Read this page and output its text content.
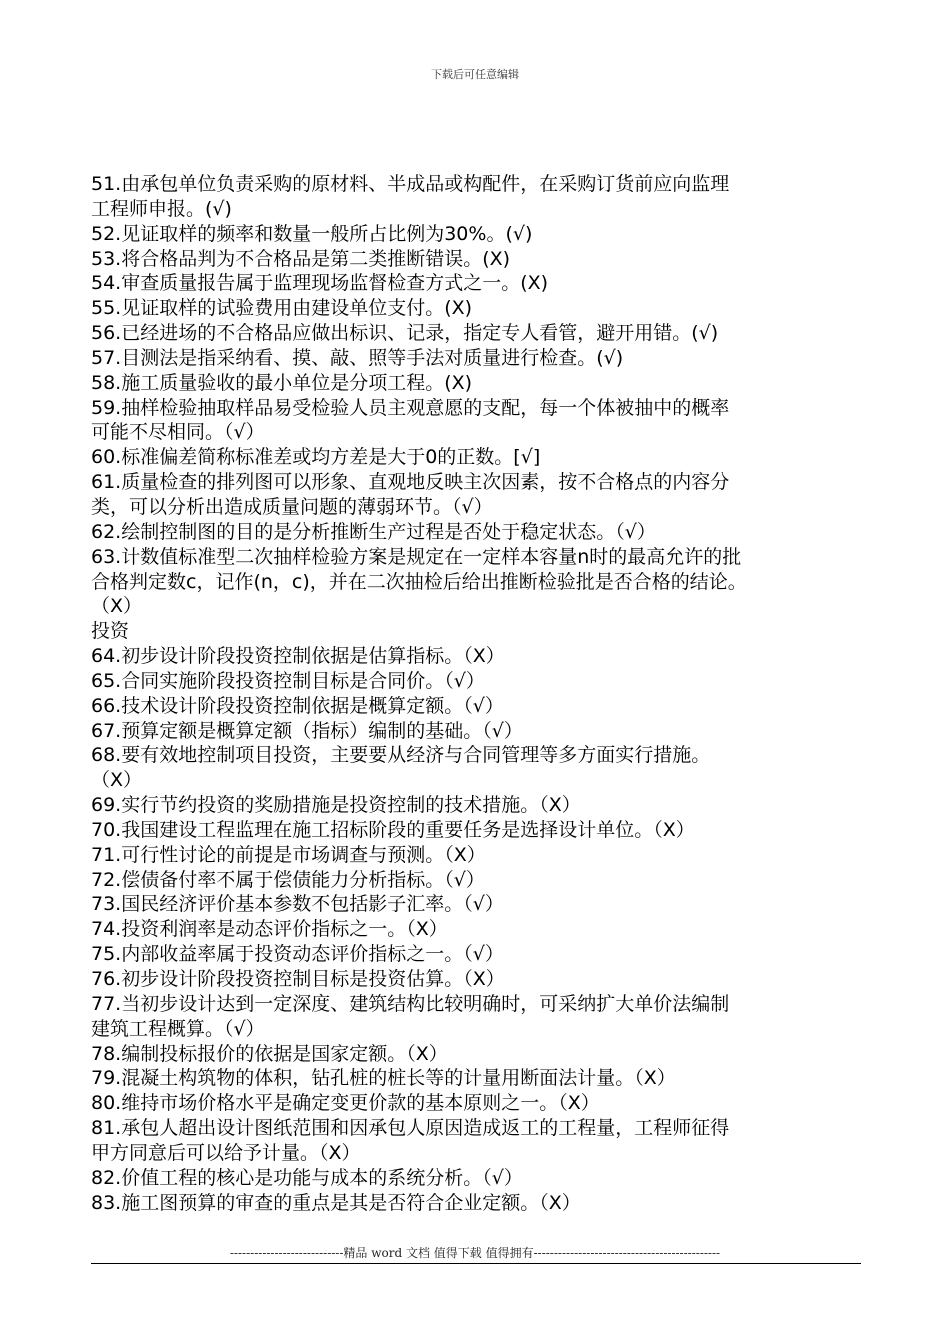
下载后可任意编辑
51.由承包单位负责采购的原材料、半成品或构配件，在采购订货前应向监理
工程师申报。(√)
52.见证取样的频率和数量一般所占比例为30%。(√)
53.将合格品判为不合格品是第二类推断错误。(X)
54.审查质量报告属于监理现场监督检查方式之一。(X)
55.见证取样的试验费用由建设单位支付。(X)
56.已经进场的不合格品应做出标识、记录，指定专人看管，避开用错。(√)
57.目测法是指采纳看、摸、敲、照等手法对质量进行检查。(√)
58.施工质量验收的最小单位是分项工程。(X)
59.抽样检验抽取样品易受检验人员主观意愿的支配，每一个体被抽中的概率
可能不尽相同。（√）
60.标准偏差简称标准差或均方差是大于0的正数。[√]
61.质量检查的排列图可以形象、直观地反映主次因素，按不合格点的内容分
类，可以分析出造成质量问题的薄弱环节。（√）
62.绘制控制图的目的是分析推断生产过程是否处于稳定状态。（√）
63.计数值标准型二次抽样检验方案是规定在一定样本容量n时的最高允许的批
合格判定数c，记作(n，c)，并在二次抽检后给出推断检验批是否合格的结论。
（X）
投资
64.初步设计阶段投资控制依据是估算指标。（X）
65.合同实施阶段投资控制目标是合同价。（√）
66.技术设计阶段投资控制依据是概算定额。（√）
67.预算定额是概算定额（指标）编制的基础。（√）
68.要有效地控制项目投资，主要要从经济与合同管理等多方面实行措施。
（X）
69.实行节约投资的奖励措施是投资控制的技术措施。（X）
70.我国建设工程监理在施工招标阶段的重要任务是选择设计单位。（X）
71.可行性讨论的前提是市场调查与预测。（X）
72.偿债备付率不属于偿债能力分析指标。（√）
73.国民经济评价基本参数不包括影子汇率。（√）
74.投资利润率是动态评价指标之一。（X）
75.内部收益率属于投资动态评价指标之一。（√）
76.初步设计阶段投资控制目标是投资估算。（X）
77.当初步设计达到一定深度、建筑结构比较明确时，可采纳扩大单价法编制
建筑工程概算。（√）
78.编制投标报价的依据是国家定额。（X）
79.混凝土构筑物的体积，钻孔桩的桩长等的计量用断面法计量。（X）
80.维持市场价格水平是确定变更价款的基本原则之一。（X）
81.承包人超出设计图纸范围和因承包人原因造成返工的工程量，工程师征得
甲方同意后可以给予计量。（X）
82.价值工程的核心是功能与成本的系统分析。（√）
83.施工图预算的审查的重点是其是否符合企业定额。（X）
----------------------------精品 word 文档 值得下载 值得拥有----------------------------------------------
